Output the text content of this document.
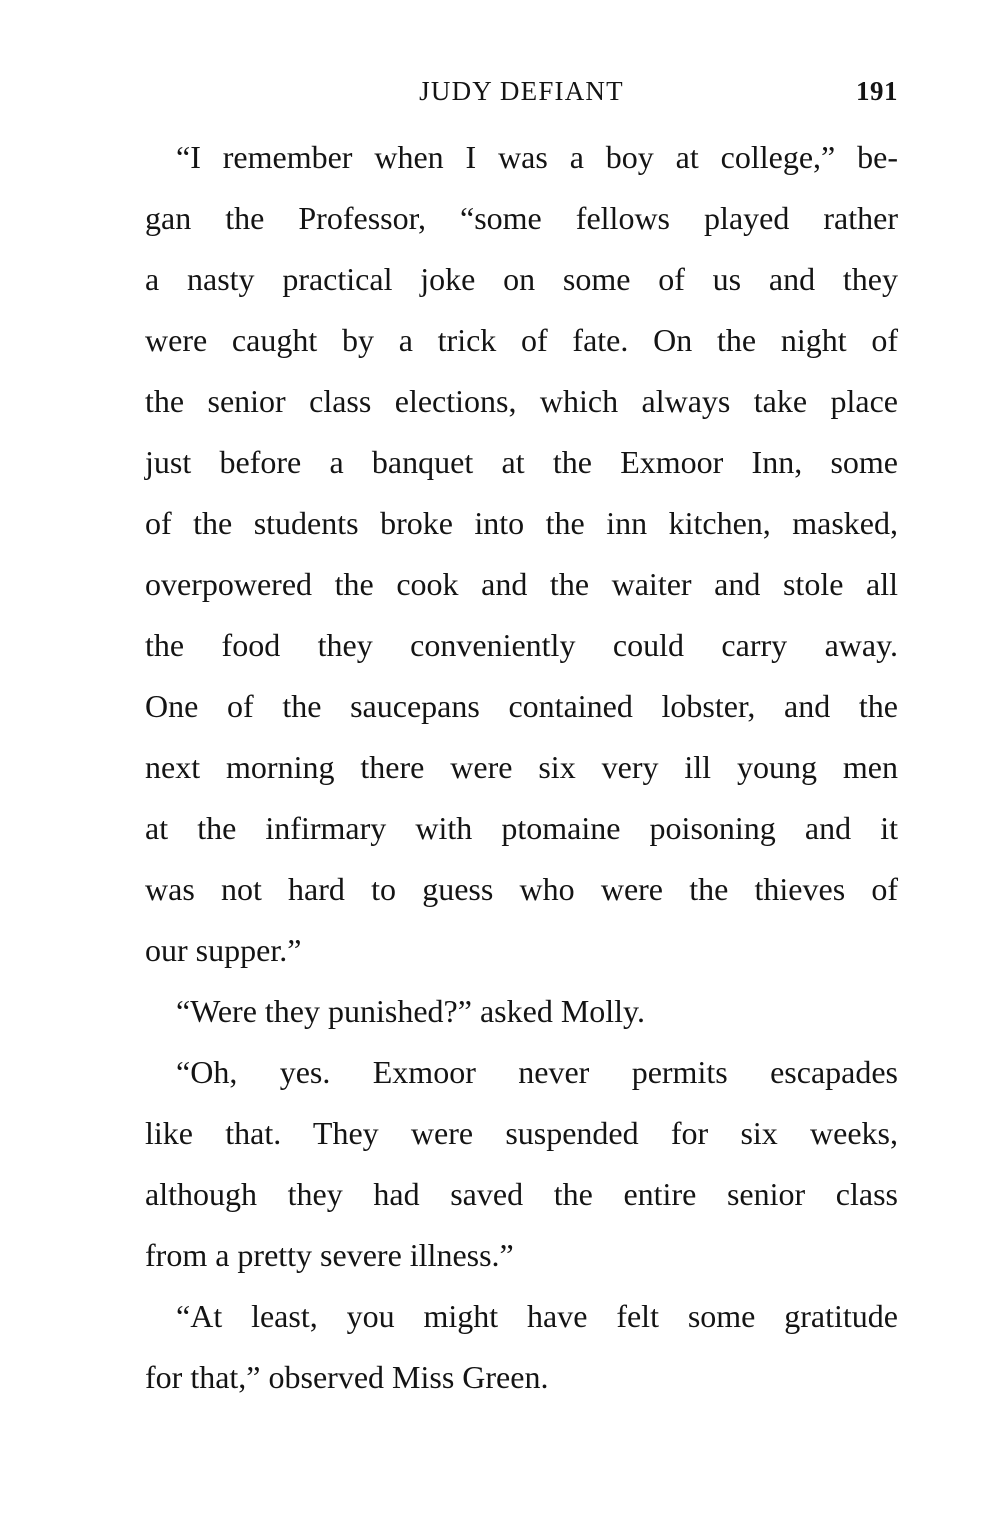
JUDY DEFIANT	191
“I remember when I was a boy at college,” be-
gan the Professor, “some fellows played rather
a nasty practical joke on some of us and they
were caught by a trick of fate. On the night of
the senior class elections, which always take place
just before a banquet at the Exmoor Inn, some
of the students broke into the inn kitchen, masked,
overpowered the cook and the waiter and stole all
the food they conveniently could carry away.
One of the saucepans contained lobster, and the
next morning there were six very ill young men
at the infirmary with ptomaine poisoning and it
was not hard to guess who were the thieves of
our supper.”
“Were they punished?” asked Molly.
“Oh, yes. Exmoor never permits escapades
like that. They were suspended for six weeks,
although they had saved the entire senior class
from a pretty severe illness.”
“At least, you might have felt some gratitude
for that,” observed Miss Green.
